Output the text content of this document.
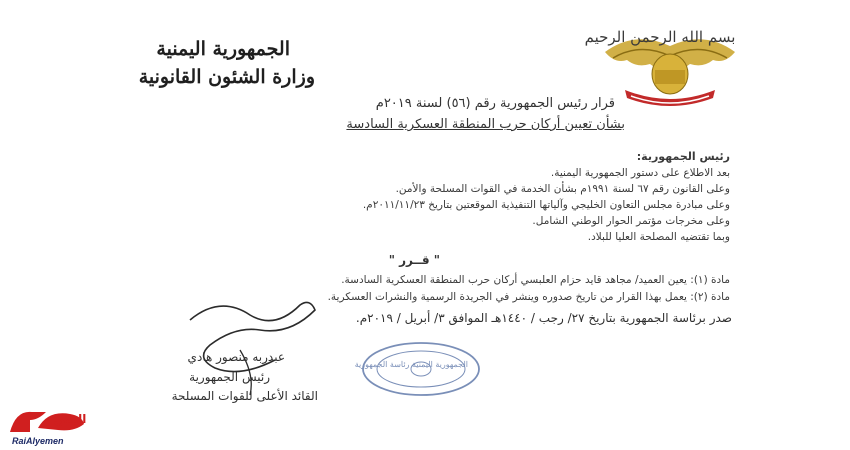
بسم الله الرحمن الرحيم
الجمهورية اليمنية
وزارة الشئون القانونية
قرار رئيس الجمهورية رقم (٥٦) لسنة ٢٠١٩م
بشأن تعيين أركان حرب المنطقة العسكرية السادسة
رئيس الجمهورية:
بعد الاطلاع على دستور الجمهورية اليمنية.
وعلى القانون رقم ٦٧ لسنة ١٩٩١م بشأن الخدمة في القوات المسلحة والأمن.
وعلى مبادرة مجلس التعاون الخليجي وآلياتها التنفيذية الموقعتين بتاريخ ٢٠١١/١١/٢٣م.
وعلى مخرجات مؤتمر الحوار الوطني الشامل.
وبما تقتضيه المصلحة العليا للبلاد.
" قــرر "
مادة (١): يعين العميد/ مجاهد قايد حزام العلبسي أركان حرب المنطقة العسكرية السادسة.
مادة (٢): يعمل بهذا القرار من تاريخ صدوره وينشر في الجريدة الرسمية والنشرات العسكرية.
صدر برئاسة الجمهورية بتاريخ ٢٧/ رجب / ١٤٤٠هـ الموافق ٣/ أبريل / ٢٠١٩م.
عبدربه منصور هادي
رئيس الجمهورية
القائد الأعلى للقوات المسلحة
الجمهورية اليمنية رئاسة الجمهورية
اليمن
RaiAlyemen
